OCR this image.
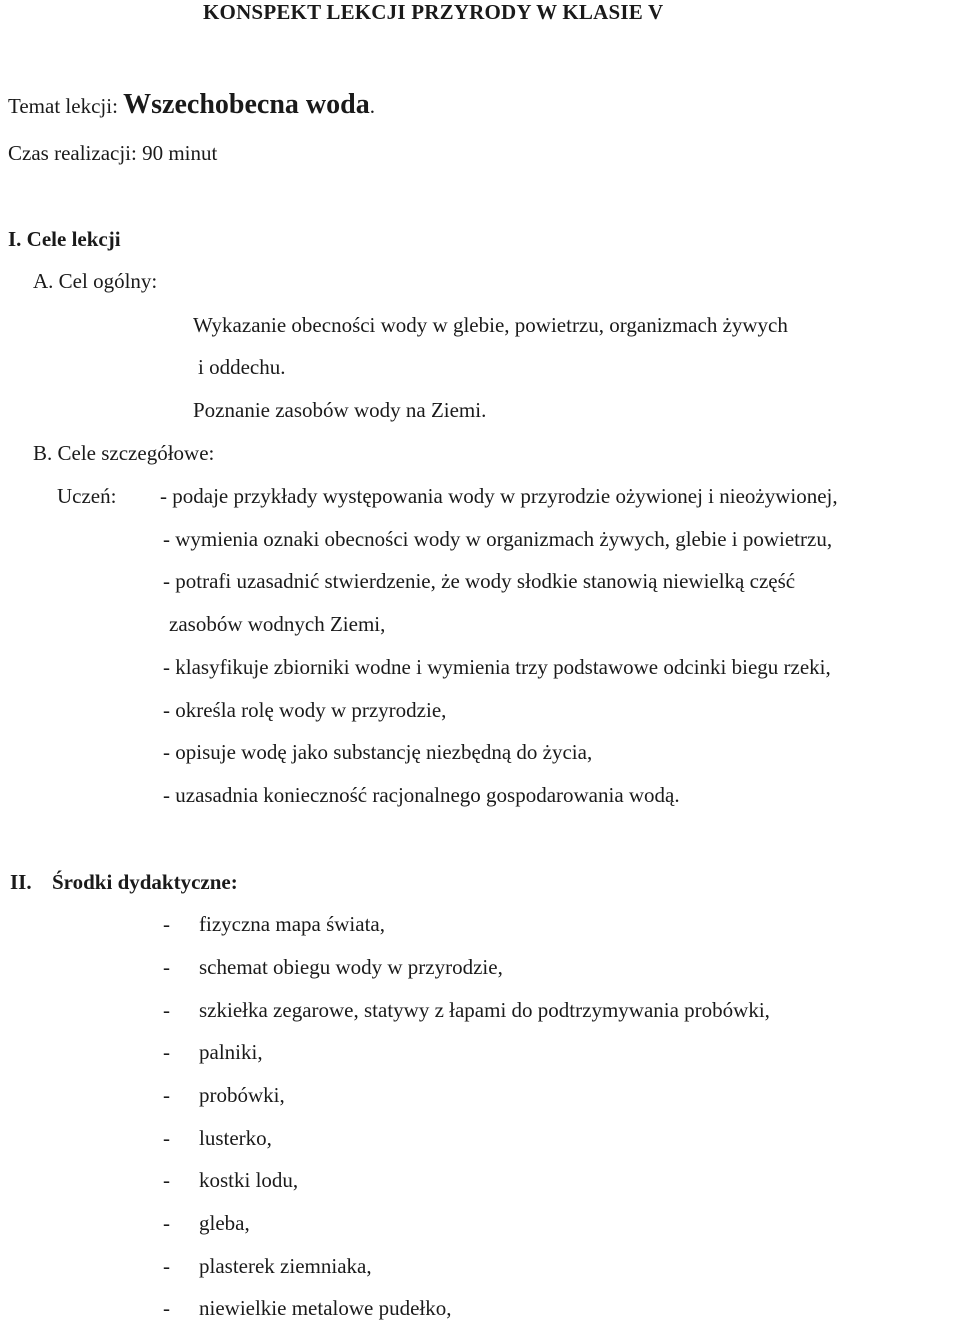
KONSPEKT LEKCJI PRZYRODY W KLASIE V
Temat lekcji: Wszechobecna woda.
Czas realizacji: 90 minut
I. Cele lekcji
A. Cel ogólny:
Wykazanie obecności wody w glebie, powietrzu, organizmach żywych
i oddechu.
Poznanie zasobów wody na Ziemi.
B. Cele szczegółowe:
Uczeń: - podaje przykłady występowania wody w przyrodzie ożywionej i nieożywionej,
- wymienia oznaki obecności wody w organizmach żywych, glebie i powietrzu,
- potrafi uzasadnić stwierdzenie, że wody słodkie stanowią niewielką część
zasobów wodnych Ziemi,
- klasyfikuje zbiorniki wodne i wymienia trzy podstawowe odcinki biegu rzeki,
- określa rolę wody w przyrodzie,
- opisuje wodę jako substancję niezbędną do życia,
- uzasadnia konieczność racjonalnego gospodarowania wodą.
II. Środki dydaktyczne:
- fizyczna mapa świata,
- schemat obiegu wody w przyrodzie,
- szkiełka zegarowe, statywy z łapami do podtrzymywania probówki,
- palniki,
- probówki,
- lusterko,
- kostki lodu,
- gleba,
- plasterek ziemniaka,
- niewielkie metalowe pudełko,
